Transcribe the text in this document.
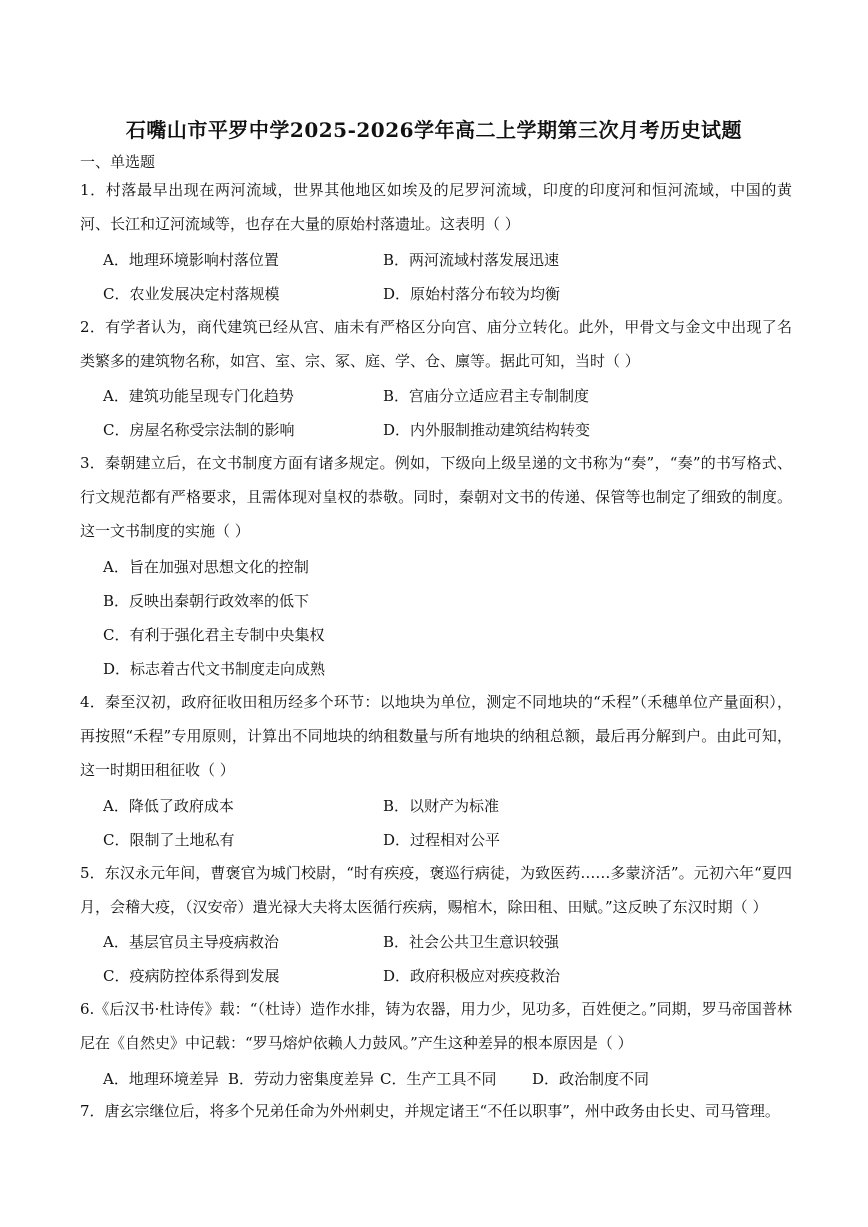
石嘴山市平罗中学2025-2026学年高二上学期第三次月考历史试题
一、单选题
1．村落最早出现在两河流域，世界其他地区如埃及的尼罗河流域，印度的印度河和恒河流域，中国的黄河、长江和辽河流域等，也存在大量的原始村落遗址。这表明（ ）
A．地理环境影响村落位置	B．两河流域村落发展迅速
C．农业发展决定村落规模	D．原始村落分布较为均衡
2．有学者认为，商代建筑已经从宫、庙未有严格区分向宫、庙分立转化。此外，甲骨文与金文中出现了名类繁多的建筑物名称，如宫、室、宗、冢、庭、学、仓、廪等。据此可知，当时（ ）
A．建筑功能呈现专门化趋势	B．宫庙分立适应君主专制制度
C．房屋名称受宗法制的影响	D．内外服制推动建筑结构转变
3．秦朝建立后，在文书制度方面有诸多规定。例如，下级向上级呈递的文书称为“奏”，“奏”的书写格式、行文规范都有严格要求，且需体现对皇权的恭敬。同时，秦朝对文书的传递、保管等也制定了细致的制度。这一文书制度的实施（ ）
A．旨在加强对思想文化的控制
B．反映出秦朝行政效率的低下
C．有利于强化君主专制中央集权
D．标志着古代文书制度走向成熟
4．秦至汉初，政府征收田租历经多个环节：以地块为单位，测定不同地块的“禾程”（禾穗单位产量面积），再按照“禾程”专用原则，计算出不同地块的纳租数量与所有地块的纳租总额，最后再分解到户。由此可知，这一时期田租征收（ ）
A．降低了政府成本	B．以财产为标准
C．限制了土地私有	D．过程相对公平
5．东汉永元年间，曹褒官为城门校尉，“时有疾疫，褒巡行病徒，为致医药……多蒙济活”。元初六年“夏四月，会稽大疫，（汉安帝）遣光禄大夫将太医循行疾病，赐棺木，除田租、田赋。”这反映了东汉时期（ ）
A．基层官员主导疫病救治	B．社会公共卫生意识较强
C．疫病防控体系得到发展	D．政府积极应对疾疫救治
6.《后汉书·杜诗传》载：“（杜诗）造作水排，铸为农器，用力少，见功多，百姓便之。”同期，罗马帝国普林尼在《自然史》中记载：“罗马熔炉依赖人力鼓风。”产生这种差异的根本原因是（ ）
A．地理环境差异 B．劳动力密集度差异 C．生产工具不同 D．政治制度不同
7．唐玄宗继位后，将多个兄弟任命为外州刺史，并规定诸王“不任以职事”，州中政务由长史、司马管理。
